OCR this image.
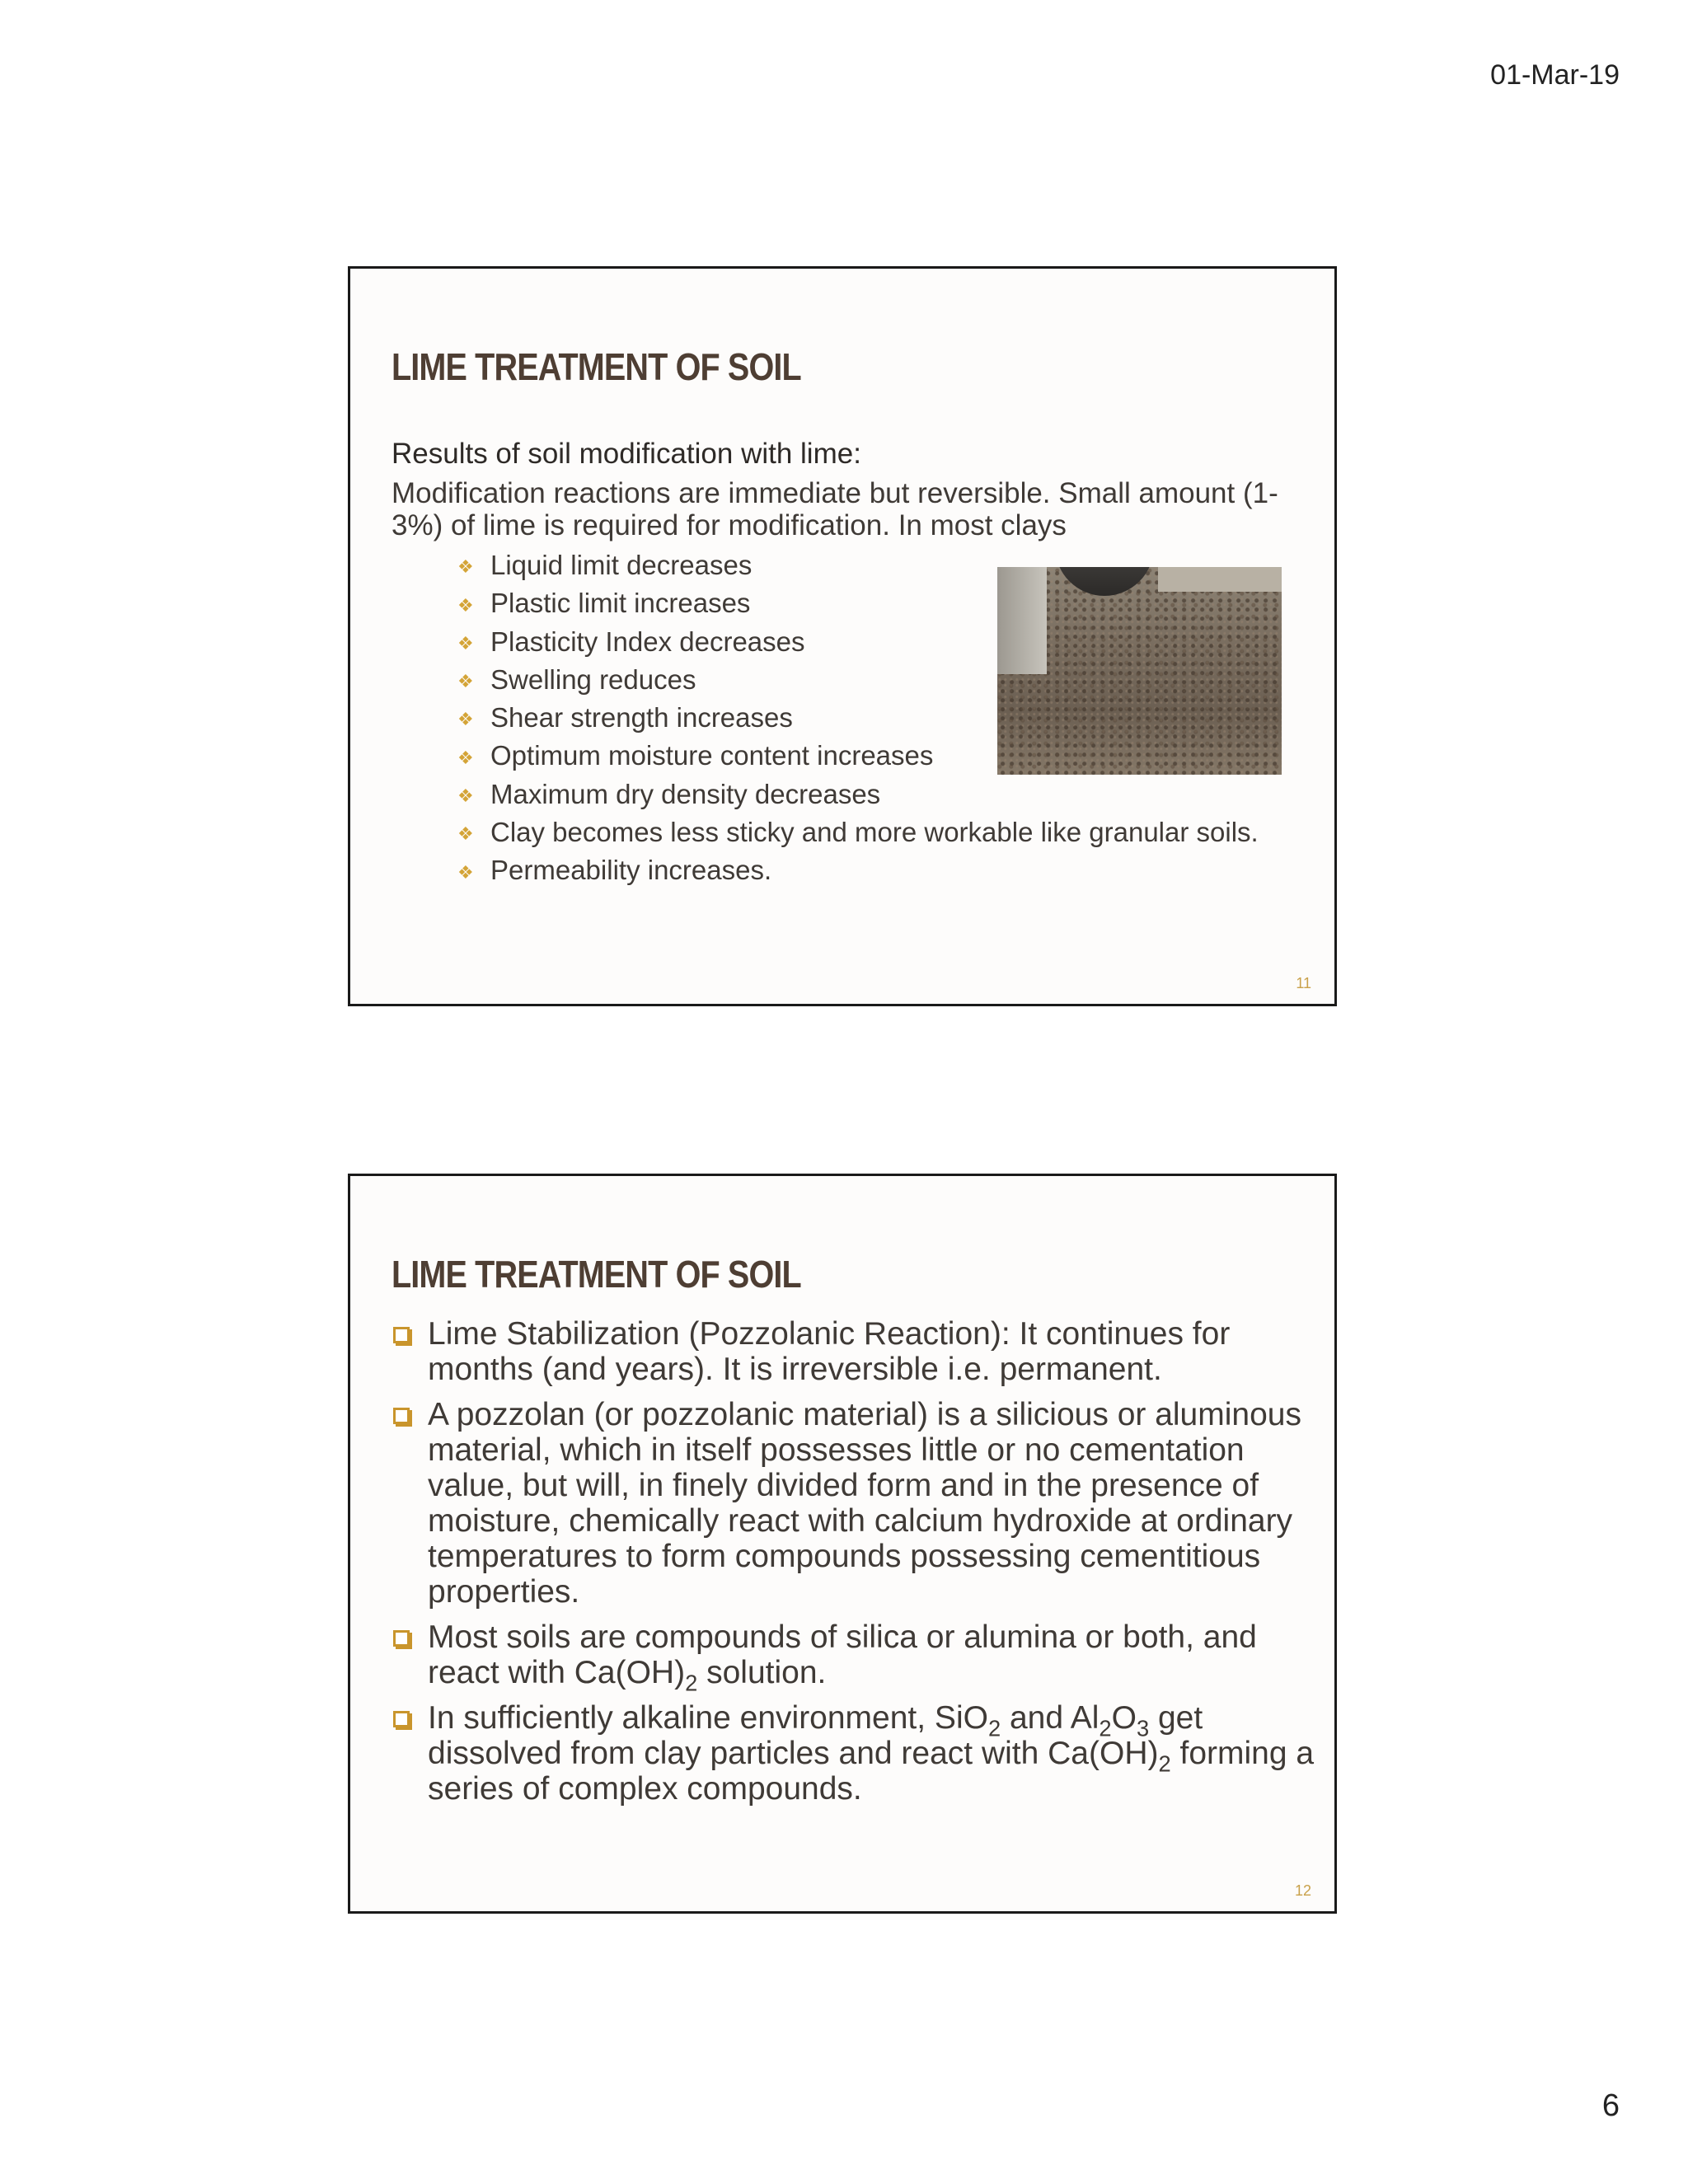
01-Mar-19
LIME TREATMENT OF SOIL
Results of soil modification with lime:
Modification reactions are immediate but reversible. Small amount (1-3%) of lime is required for modification. In most clays
❖ Liquid limit decreases
❖ Plastic limit increases
❖ Plasticity Index decreases
❖ Swelling reduces
❖ Shear strength increases
❖ Optimum moisture content increases
❖ Maximum dry density decreases
❖ Clay becomes less sticky and more workable like granular soils.
❖ Permeability increases.
11
LIME TREATMENT OF SOIL
Lime Stabilization (Pozzolanic Reaction): It continues for months (and years). It is irreversible i.e. permanent.
A pozzolan (or pozzolanic material) is a silicious or aluminous material, which in itself possesses little or no cementation value, but will, in finely divided form and in the presence of moisture, chemically react with calcium hydroxide at ordinary temperatures to form compounds possessing cementitious properties.
Most soils are compounds of silica or alumina or both, and react with $Ca(OH)_2$ solution.
In sufficiently alkaline environment, SiO$_2$ and $Al_2O_3$ get dissolved from clay particles and react with $Ca(OH)_2$ forming a series of complex compounds.
12
6
